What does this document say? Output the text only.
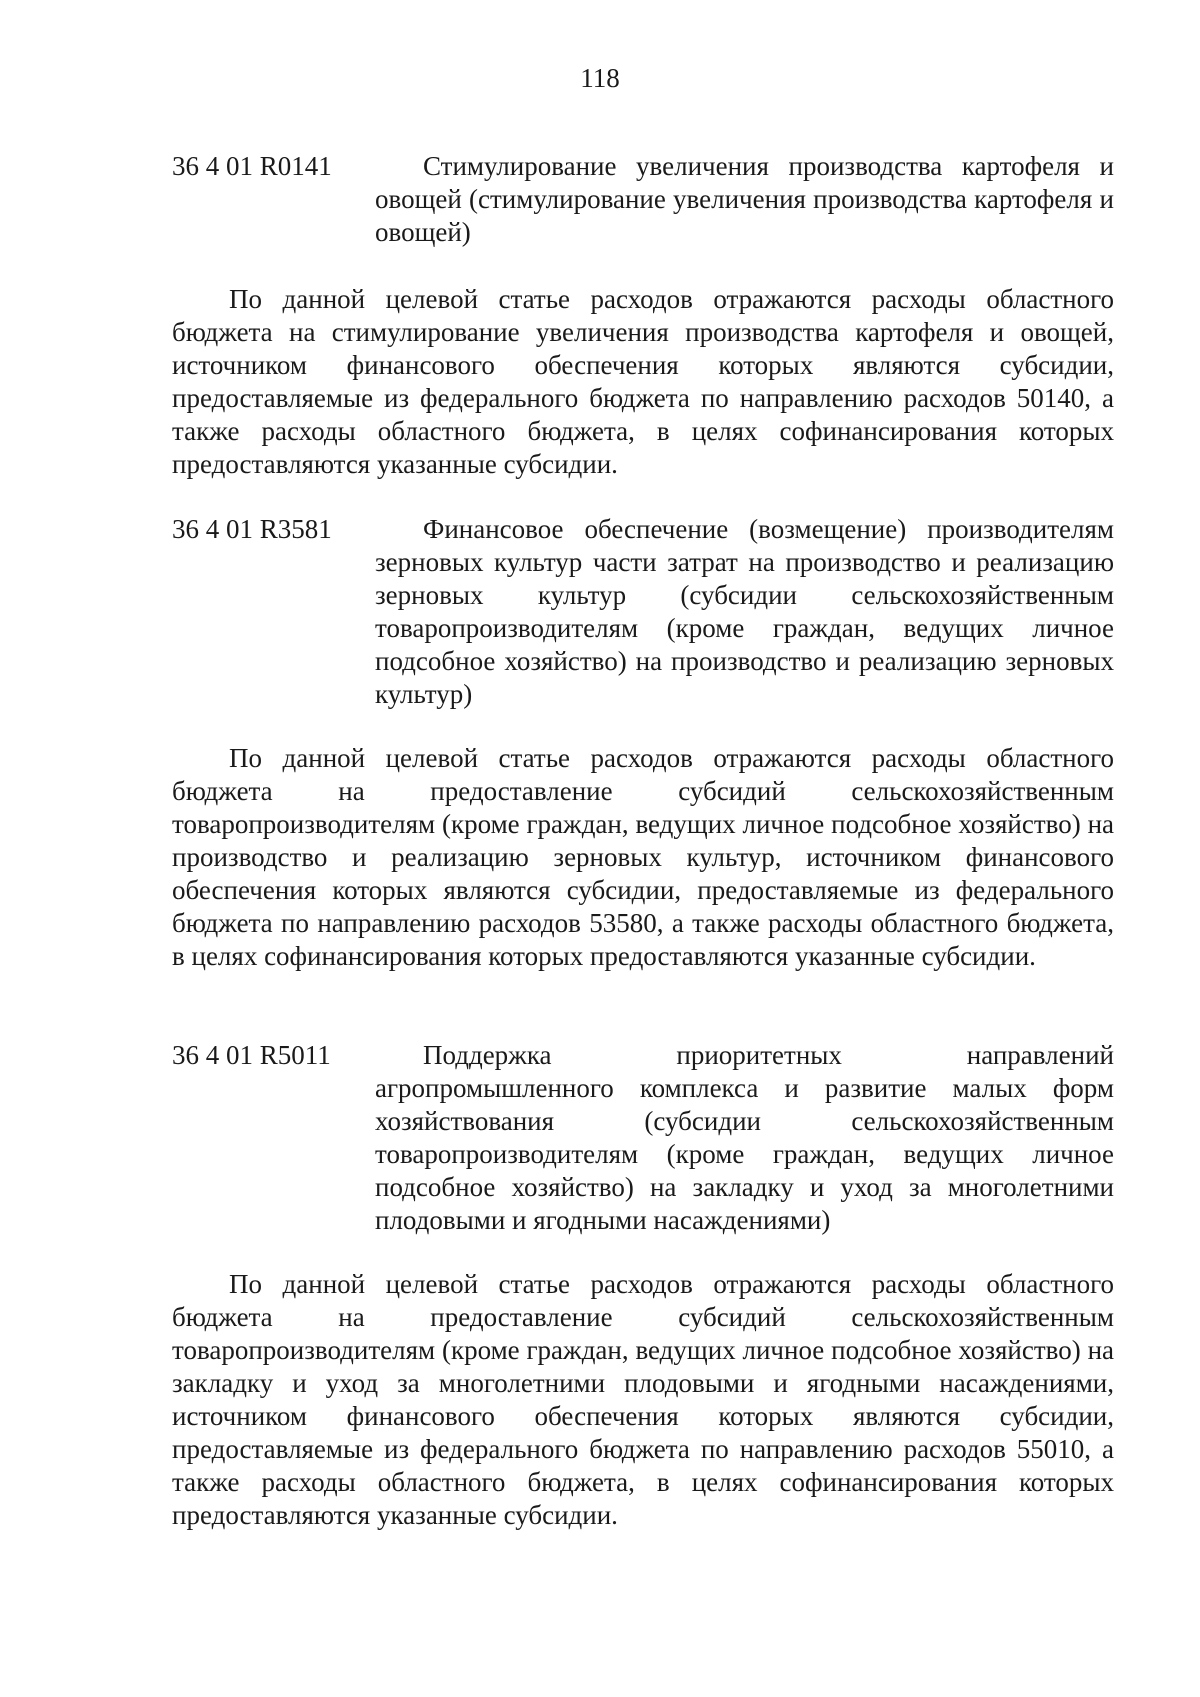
118
36 4 01 R0141	Стимулирование увеличения производства картофеля и овощей (стимулирование увеличения производства картофеля и овощей)
По данной целевой статье расходов отражаются расходы областного бюджета на стимулирование увеличения производства картофеля и овощей, источником финансового обеспечения которых являются субсидии, предоставляемые из федерального бюджета по направлению расходов 50140, а также расходы областного бюджета, в целях софинансирования которых предоставляются указанные субсидии.
36 4 01 R3581	Финансовое обеспечение (возмещение) производителям зерновых культур части затрат на производство и реализацию зерновых культур (субсидии сельскохозяйственным товаропроизводителям (кроме граждан, ведущих личное подсобное хозяйство) на производство и реализацию зерновых культур)
По данной целевой статье расходов отражаются расходы областного бюджета на предоставление субсидий сельскохозяйственным товаропроизводителям (кроме граждан, ведущих личное подсобное хозяйство) на производство и реализацию зерновых культур, источником финансового обеспечения которых являются субсидии, предоставляемые из федерального бюджета по направлению расходов 53580, а также расходы областного бюджета, в целях софинансирования которых предоставляются указанные субсидии.
36 4 01 R5011	Поддержка приоритетных направлений агропромышленного комплекса и развитие малых форм хозяйствования (субсидии сельскохозяйственным товаропроизводителям (кроме граждан, ведущих личное подсобное хозяйство) на закладку и уход за многолетними плодовыми и ягодными насаждениями)
По данной целевой статье расходов отражаются расходы областного бюджета на предоставление субсидий сельскохозяйственным товаропроизводителям (кроме граждан, ведущих личное подсобное хозяйство) на закладку и уход за многолетними плодовыми и ягодными насаждениями, источником финансового обеспечения которых являются субсидии, предоставляемые из федерального бюджета по направлению расходов 55010, а также расходы областного бюджета, в целях софинансирования которых предоставляются указанные субсидии.
